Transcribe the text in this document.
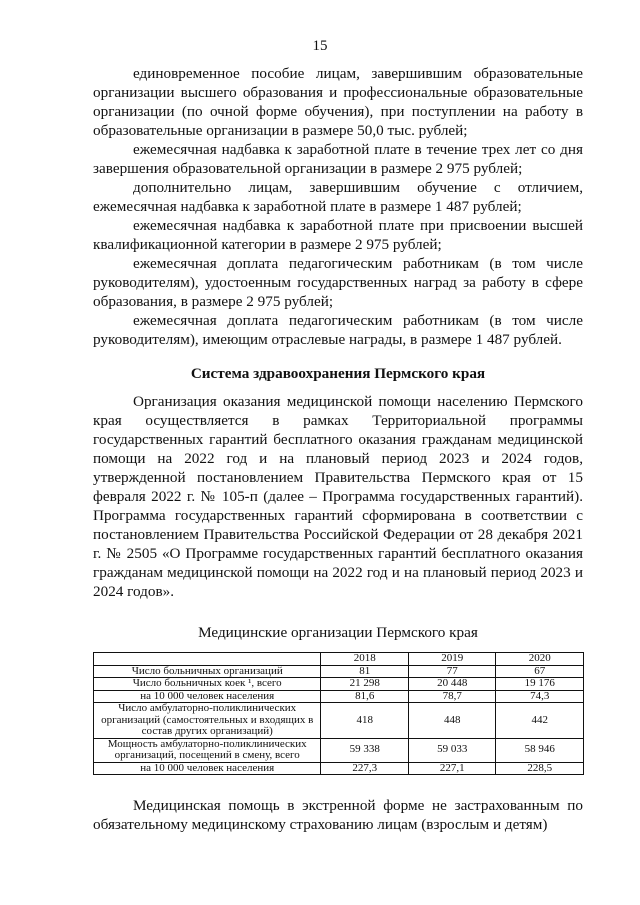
15

единовременное пособие лицам, завершившим образовательные организации высшего образования и профессиональные образовательные организации (по очной форме обучения), при поступлении на работу в образовательные организации в размере 50,0 тыс. рублей;

ежемесячная надбавка к заработной плате в течение трех лет со дня завершения образовательной организации в размере 2 975 рублей;

дополнительно лицам, завершившим обучение с отличием, ежемесячная надбавка к заработной плате в размере 1 487 рублей;

ежемесячная надбавка к заработной плате при присвоении высшей квалификационной категории в размере 2 975 рублей;

ежемесячная доплата педагогическим работникам (в том числе руководителям), удостоенным государственных наград за работу в сфере образования, в размере 2 975 рублей;

ежемесячная доплата педагогическим работникам (в том числе руководителям), имеющим отраслевые награды, в размере 1 487 рублей.

Система здравоохранения Пермского края

Организация оказания медицинской помощи населению Пермского края осуществляется в рамках Территориальной программы государственных гарантий бесплатного оказания гражданам медицинской помощи на 2022 год и на плановый период 2023 и 2024 годов, утвержденной постановлением Правительства Пермского края от 15 февраля 2022 г. № 105-п (далее – Программа государственных гарантий). Программа государственных гарантий сформирована в соответствии с постановлением Правительства Российской Федерации от 28 декабря 2021 г. № 2505 «О Программе государственных гарантий бесплатного оказания гражданам медицинской помощи на 2022 год и на плановый период 2023 и 2024 годов».

Медицинские организации Пермского края
	2018	2019	2020
Число больничных организаций	81	77	67
Число больничных коек ¹, всего	21 298	20 448	19 176
на 10 000 человек населения	81,6	78,7	74,3
Число амбулаторно-поликлинических организаций (самостоятельных и входящих в состав других организаций)	418	448	442
Мощность амбулаторно-поликлинических организаций, посещений в смену, всего	59 338	59 033	58 946
на 10 000 человек населения	227,3	227,1	228,5

Медицинская помощь в экстренной форме не застрахованным по обязательному медицинскому страхованию лицам (взрослым и детям)
